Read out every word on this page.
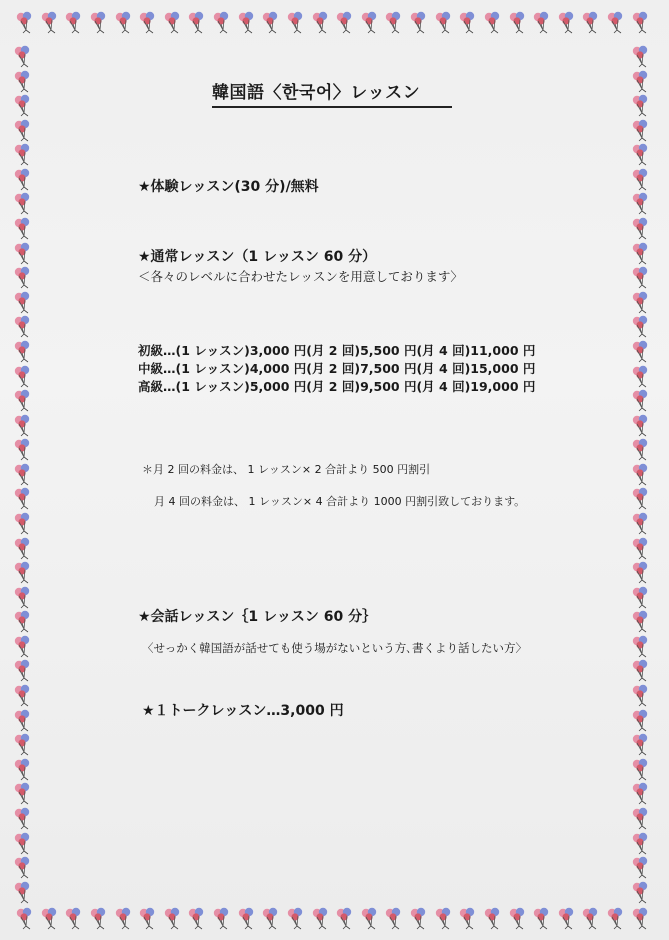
韓国語〈한국어〉レッスン
★体験レッスン(30 分)/無料
★通常レッスン（1 レッスン 60 分）
＜各々のレベルに合わせたレッスンを用意しております〉
初級…(1 レッスン)3,000 円(月 2 回)5,500 円(月 4 回)11,000 円
中級…(1 レッスン)4,000 円(月 2 回)7,500 円(月 4 回)15,000 円
高級…(1 レッスン)5,000 円(月 2 回)9,500 円(月 4 回)19,000 円
＊月 2 回の料金は、 1 レッスン× 2 合計より 500 円割引
月 4 回の料金は、 1 レッスン× 4 合計より 1000 円割引致しております。
★会話レッスン｛1 レッスン 60 分｝
〈せっかく韓国語が話せても使う場がないという方､書くより話したい方〉
★１トークレッスン…3,000 円
